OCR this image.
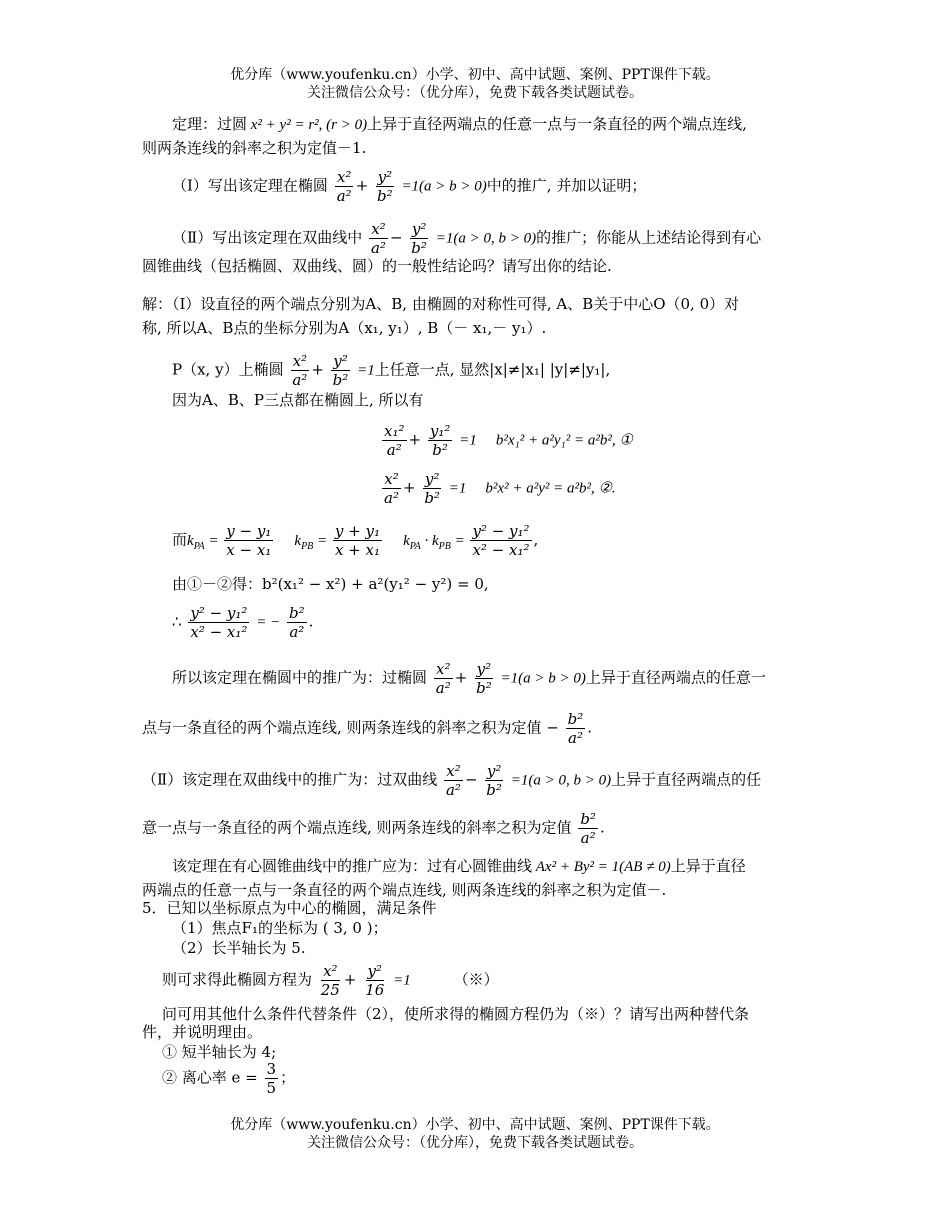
优分库（www.youfenku.cn）小学、初中、高中试题、案例、PPT课件下载。
关注微信公众号：（优分库），免费下载各类试题试卷。
定理：过圆 x² + y² = r², (r > 0)上异于直径两端点的任意一点与一条直径的两个端点连线,
则两条连线的斜率之积为定值－1.
（Ⅰ）写出该定理在椭圆 $\frac{\text{x²}}{\text{a²}} + \frac{\text{y²}}{\text{b²}} =1(a > b > 0)$中的推广, 并加以证明；
（Ⅱ）写出该定理在双曲线中 $\frac{\text{x²}}{\text{a²}} - \frac{\text{y²}}{\text{b²}} =1(a > 0$, b > 0)的推广；你能从上述结论得到有心
圆锥曲线（包括椭圆、双曲线、圆）的一般性结论吗？请写出你的结论.
解：（Ⅰ）设直径的两个端点分别为A、B, 由椭圆的对称性可得, A、B关于中心O（0, 0）对
称, 所以A、B点的坐标分别为A（x₁, y₁）, B（－ x₁,－ y₁）.
P（x, y）上椭圆 $\frac{\text{x²}}{\text{a²}} + \frac{\text{y²}}{\text{b²}} =1$上任意一点, 显然|x|≠|x₁| |y|≠|y₁|,
因为A、B、P三点都在椭圆上, 所以有
$\frac{\text{x₁²}}{\text{a²}} + \frac{\text{y₁²}}{\text{b²}} =1$ b²x₁² + a²y₁² = a²b², ①
$\frac{\text{x²}}{\text{a²}} + \frac{\text{y²}}{\text{b²}} =1$ b²x² + a²y² = a²b², ②.
而$k_{PA} = \frac{\text{y − y₁}}{\text{x − x₁}} k_{PB} = \frac{\text{y + y₁}}{\text{x + x₁}} k_{PA} \cdot k_{PB} = \frac{\text{y² − y₁²}}{\text{x² − x₁²}}$ ,
由①－②得：b²(x₁² − x²) + a²(y₁² − y²) = 0,
∴ $\frac{\text{y² − y₁²}}{\text{x² − x₁²}}$ = − $\frac{\text{b²}}{\text{a²}}$ .
所以该定理在椭圆中的推广为：过椭圆 $\frac{\text{x²}}{\text{a²}} + \frac{\text{y²}}{\text{b²}} =1(a > b > 0)$上异于直径两端点的任意一
点与一条直径的两个端点连线, 则两条连线的斜率之积为定值 − $\frac{\text{b²}}{\text{a²}}$ .
（Ⅱ）该定理在双曲线中的推广为：过双曲线 $\frac{\text{x²}}{\text{a²}} - \frac{\text{y²}}{\text{b²}} =1(a > 0$, b > 0)上异于直径两端点的任
意一点与一条直径的两个端点连线, 则两条连线的斜率之积为定值 $\frac{\text{b²}}{\text{a²}}$ .
该定理在有心圆锥曲线中的推广应为：过有心圆锥曲线 Ax² + By² = 1(AB ≠ 0)上异于直径
两端点的任意一点与一条直径的两个端点连线, 则两条连线的斜率之积为定值－.
5．已知以坐标原点为中心的椭圆，满足条件
（1）焦点F₁的坐标为 ( 3, 0 )；
（2）长半轴长为 5.
则可求得此椭圆方程为 $\frac{\text{x²}}{25} + \frac{\text{y²}}{16} =1$	（※）
问可用其他什么条件代替条件（2），使所求得的椭圆方程仍为（※）？请写出两种替代条
件，并说明理由。
① 短半轴长为 4;
② 离心率 $e = \frac{3}{5}$ ；
优分库（www.youfenku.cn）小学、初中、高中试题、案例、PPT课件下载。
关注微信公众号：（优分库），免费下载各类试题试卷。
